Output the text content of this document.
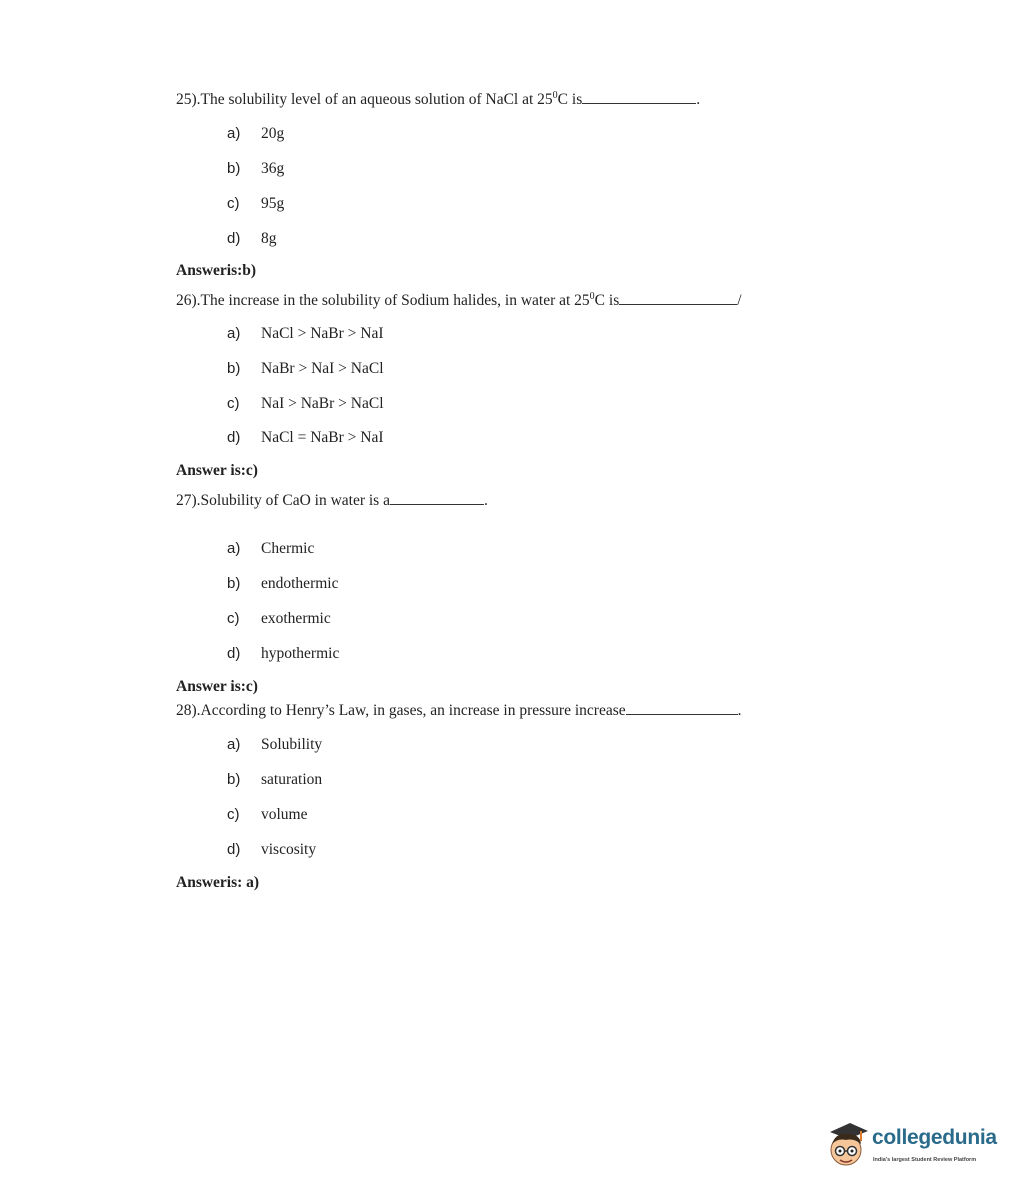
25).The solubility level of an aqueous solution of NaCl at $25^0C$ is	.
a) 20g
b) 36g
c) 95g
d) 8g
Answeris:b)
26).The increase in the solubility of Sodium halides, in water at $25^0C$ is	/
a) NaCl > NaBr > NaI
b) NaBr > NaI > NaCl
c) NaI > NaBr > NaCl
d) NaCl = NaBr > NaI
Answer is:c)
27).Solubility of CaO in water is a	.
a) Chermic
b) endothermic
c) exothermic
d) hypothermic
Answer is:c)
28).According to Henry’s Law, in gases, an increase in pressure increase	.
a) Solubility
b) saturation
c) volume
d) viscosity
Answeris: a)
collegedunia
India's largest Student Review Platform
